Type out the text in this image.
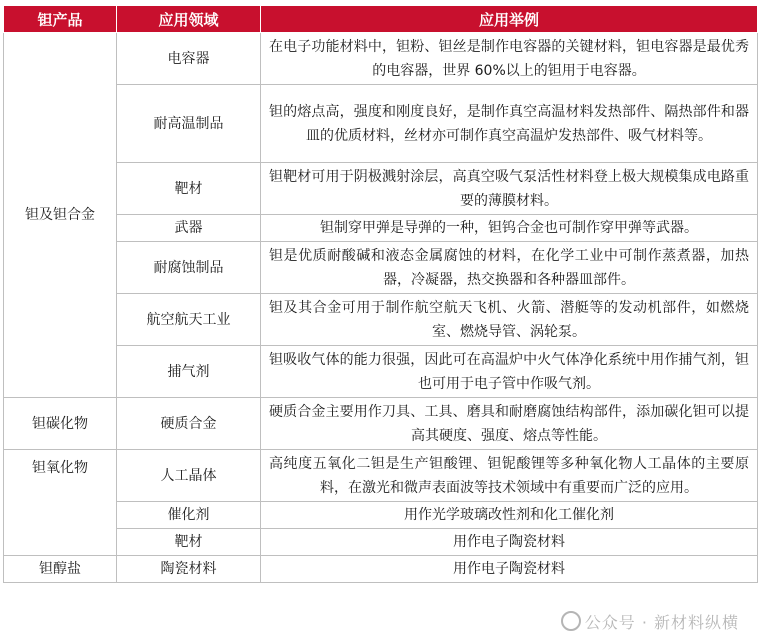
钽产品	应用领域	应用举例
钽及钽合金	电容器	在电子功能材料中，钽粉、钽丝是制作电容器的关键材料，钽电容器是最优秀的电容器，世界 60%以上的钽用于电容器。
	耐高温制品	钽的熔点高，强度和刚度良好，是制作真空高温材料发热部件、隔热部件和器皿的优质材料，丝材亦可制作真空高温炉发热部件、吸气材料等。
	靶材	钽靶材可用于阴极溅射涂层，高真空吸气泵活性材料登上极大规模集成电路重要的薄膜材料。
	武器	钽制穿甲弹是导弹的一种，钽钨合金也可制作穿甲弹等武器。
	耐腐蚀制品	钽是优质耐酸碱和液态金属腐蚀的材料，在化学工业中可制作蒸煮器，加热器，冷凝器，热交换器和各种器皿部件。
	航空航天工业	钽及其合金可用于制作航空航天飞机、火箭、潜艇等的发动机部件，如燃烧室、燃烧导管、涡轮泵。
	捕气剂	钽吸收气体的能力很强，因此可在高温炉中火气体净化系统中用作捕气剂，钽也可用于电子管中作吸气剂。
钽碳化物	硬质合金	硬质合金主要用作刀具、工具、磨具和耐磨腐蚀结构部件，添加碳化钽可以提高其硬度、强度、熔点等性能。
钽氧化物	人工晶体	高纯度五氧化二钽是生产钽酸锂、钽铌酸锂等多种氧化物人工晶体的主要原料，在激光和微声表面波等技术领域中有重要而广泛的应用。
	催化剂	用作光学玻璃改性剂和化工催化剂
	靶材	用作电子陶瓷材料
钽醇盐	陶瓷材料	用作电子陶瓷材料
公众号 · 新材料纵横
